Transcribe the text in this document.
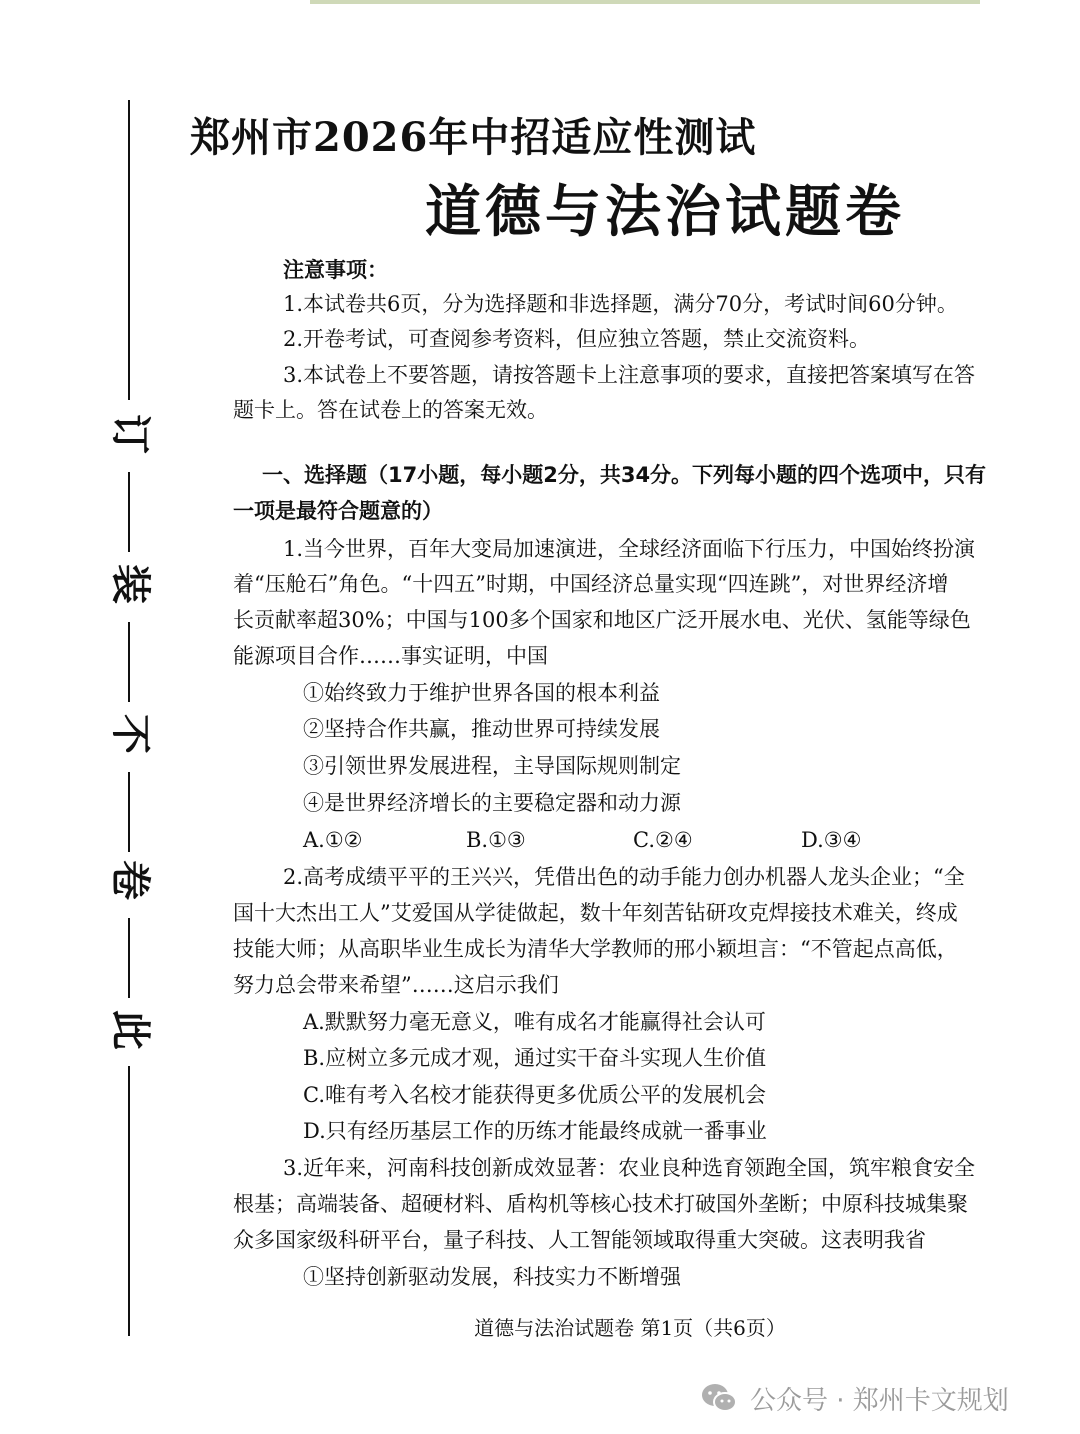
订
装
不
卷
此
郑州市2026年中招适应性测试
道德与法治试题卷
注意事项：
1.本试卷共6页，分为选择题和非选择题，满分70分，考试时间60分钟。
2.开卷考试，可查阅参考资料，但应独立答题，禁止交流资料。
3.本试卷上不要答题，请按答题卡上注意事项的要求，直接把答案填写在答
题卡上。答在试卷上的答案无效。
一、选择题（17小题，每小题2分，共34分。下列每小题的四个选项中，只有
一项是最符合题意的）
1.当今世界，百年大变局加速演进，全球经济面临下行压力，中国始终扮演
着“压舱石”角色。“十四五”时期，中国经济总量实现“四连跳”，对世界经济增
长贡献率超30%；中国与100多个国家和地区广泛开展水电、光伏、氢能等绿色
能源项目合作……事实证明，中国
①始终致力于维护世界各国的根本利益
②坚持合作共赢，推动世界可持续发展
③引领世界发展进程，主导国际规则制定
④是世界经济增长的主要稳定器和动力源
A.①②	B.①③	C.②④	D.③④
2.高考成绩平平的王兴兴，凭借出色的动手能力创办机器人龙头企业；“全
国十大杰出工人”艾爱国从学徒做起，数十年刻苦钻研攻克焊接技术难关，终成
技能大师；从高职毕业生成长为清华大学教师的邢小颖坦言：“不管起点高低，
努力总会带来希望”……这启示我们
A.默默努力毫无意义，唯有成名才能赢得社会认可
B.应树立多元成才观，通过实干奋斗实现人生价值
C.唯有考入名校才能获得更多优质公平的发展机会
D.只有经历基层工作的历练才能最终成就一番事业
3.近年来，河南科技创新成效显著：农业良种选育领跑全国，筑牢粮食安全
根基；高端装备、超硬材料、盾构机等核心技术打破国外垄断；中原科技城集聚
众多国家级科研平台，量子科技、人工智能领域取得重大突破。这表明我省
①坚持创新驱动发展，科技实力不断增强
道德与法治试题卷 第1页（共6页）
公众号 · 郑州卡文规划
